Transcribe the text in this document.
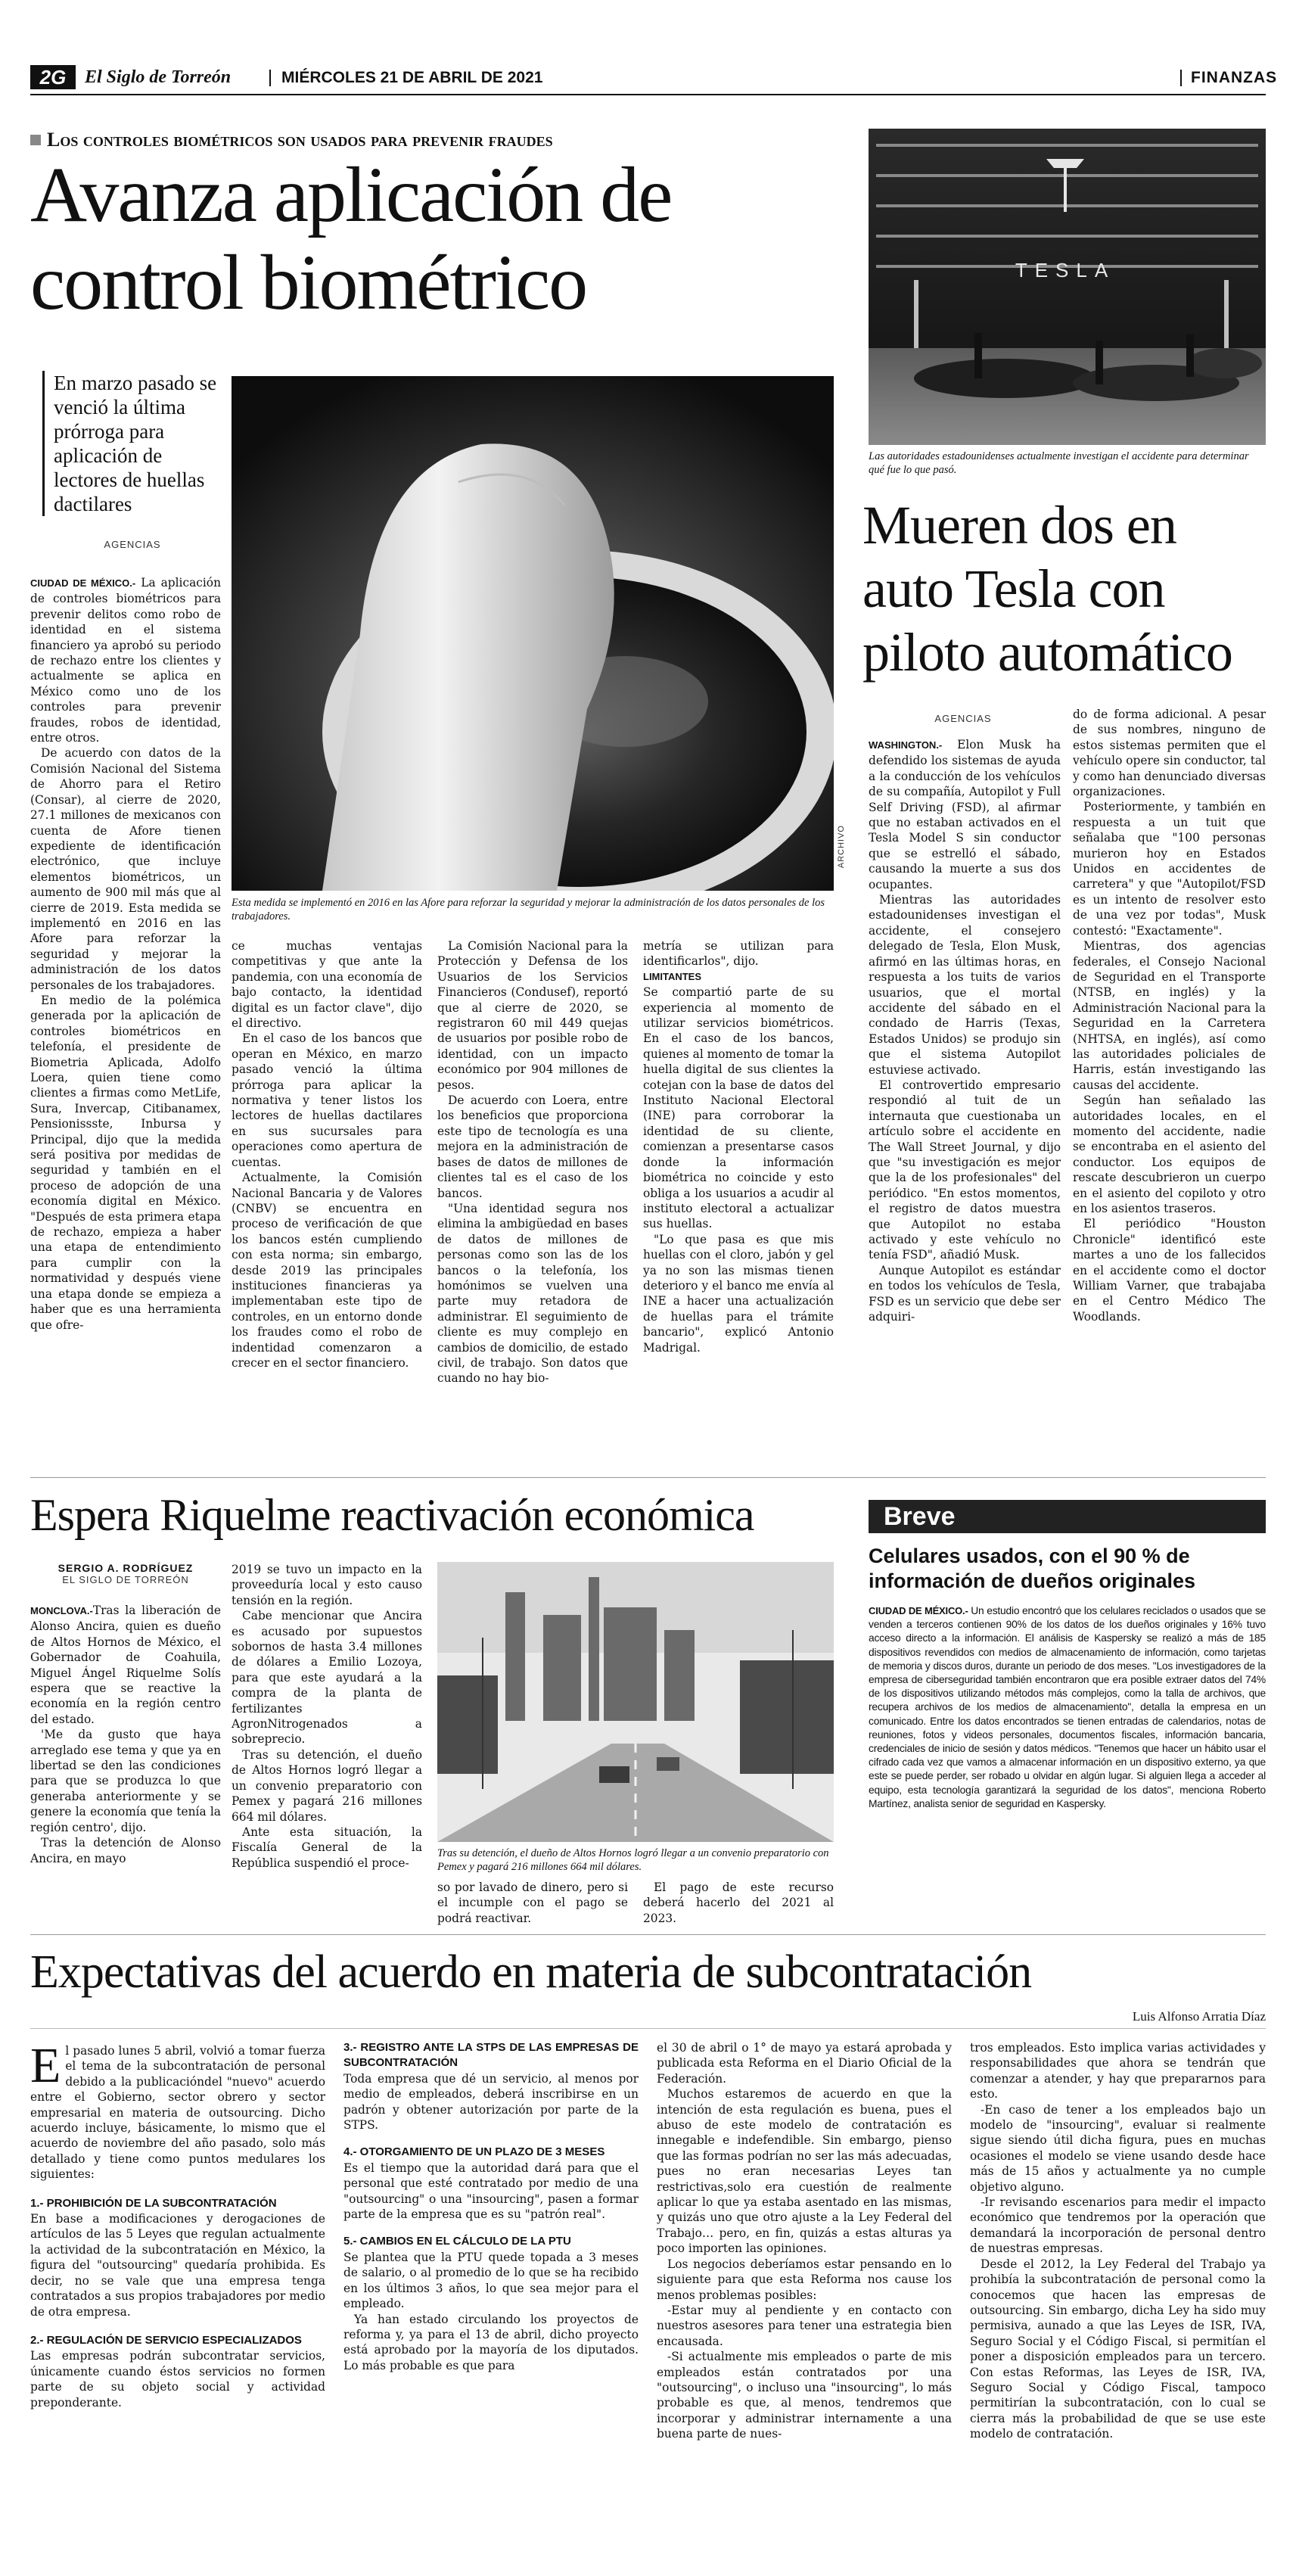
2G	El Siglo de Torreón	MIÉRCOLES 21 DE ABRIL DE 2021	FINANZAS
Los controles biométricos son usados para prevenir fraudes
Avanza aplicación de
control biométrico
En marzo pasado se venció la última prórroga para aplicación de lectores de huellas dactilares
AGENCIAS
ARCHIVO

Esta medida se implementó en 2016 en las Afore para reforzar la seguridad y mejorar la administración de los datos personales de los trabajadores.

CIUDAD DE MÉXICO.- La aplicación de controles biométricos para prevenir delitos como robo de identidad en el sistema financiero ya aprobó su periodo de rechazo entre los clientes y actualmente se aplica en México como uno de los controles para prevenir fraudes, robos de identidad, entre otros.

De acuerdo con datos de la Comisión Nacional del Sistema de Ahorro para el Retiro (Consar), al cierre de 2020, 27.1 millones de mexicanos con cuenta de Afore tienen expediente de identificación electrónico, que incluye elementos biométricos, un aumento de 900 mil más que al cierre de 2019. Esta medida se implementó en 2016 en las Afore para reforzar la seguridad y mejorar la administración de los datos personales de los trabajadores.

En medio de la polémica generada por la aplicación de controles biométricos en telefonía, el presidente de Biometria Aplicada, Adolfo Loera, quien tiene como clientes a firmas como MetLife, Sura, Invercap, Citibanamex, Pensionissste, Inbursa y Principal, dijo que la medida será positiva por medidas de seguridad y también en el proceso de adopción de una economía digital en México. "Después de esta primera etapa de rechazo, empieza a haber una etapa de entendimiento para cumplir con la normatividad y después viene una etapa donde se empieza a haber que es una herramienta que ofre-

ce muchas ventajas competitivas y que ante la pandemia, con una economía de bajo contacto, la identidad digital es un factor clave", dijo el directivo.

En el caso de los bancos que operan en México, en marzo pasado venció la última prórroga para aplicar la normativa y tener listos los lectores de huellas dactilares en sus sucursales para operaciones como apertura de cuentas.

Actualmente, la Comisión Nacional Bancaria y de Valores (CNBV) se encuentra en proceso de verificación de que los bancos estén cumpliendo con esta norma; sin embargo, desde 2019 las principales instituciones financieras ya implementaban este tipo de controles, en un entorno donde los fraudes como el robo de indentidad comenzaron a crecer en el sector financiero.

La Comisión Nacional para la Protección y Defensa de los Usuarios de los Servicios Financieros (Condusef), reportó que al cierre de 2020, se registraron 60 mil 449 quejas de usuarios por posible robo de identidad, con un impacto económico por 904 millones de pesos.

De acuerdo con Loera, entre los beneficios que proporciona este tipo de tecnología es una mejora en la administración de bases de datos de millones de clientes tal es el caso de los bancos.

"Una identidad segura nos elimina la ambigüedad en bases de datos de millones de personas como son las de los bancos o la telefonía, los homónimos se vuelven una parte muy retadora de administrar. El seguimiento de cliente es muy complejo en cambios de domicilio, de estado civil, de trabajo. Son datos que cuando no hay bio-

metría se utilizan para identificarlos", dijo.

LIMITANTES

Se compartió parte de su experiencia al momento de utilizar servicios biométricos. En el caso de los bancos, quienes al momento de tomar la huella digital de sus clientes la cotejan con la base de datos del Instituto Nacional Electoral (INE) para corroborar la identidad de su cliente, comienzan a presentarse casos donde la información biométrica no coincide y esto obliga a los usuarios a acudir al instituto electoral a actualizar sus huellas.

"Lo que pasa es que mis huellas con el cloro, jabón y gel ya no son las mismas tienen deterioro y el banco me envía al INE a hacer una actualización de huellas para el trámite bancario", explicó Antonio Madrigal.

TESLA

Las autoridades estadounidenses actualmente investigan el accidente para determinar qué fue lo que pasó.

Mueren dos en
auto Tesla con
piloto automático
AGENCIAS

WASHINGTON.- Elon Musk ha defendido los sistemas de ayuda a la conducción de los vehículos de su compañía, Autopilot y Full Self Driving (FSD), al afirmar que no estaban activados en el Tesla Model S sin conductor que se estrelló el sábado, causando la muerte a sus dos ocupantes.

Mientras las autoridades estadounidenses investigan el accidente, el consejero delegado de Tesla, Elon Musk, afirmó en las últimas horas, en respuesta a los tuits de varios usuarios, que el mortal accidente del sábado en el condado de Harris (Texas, Estados Unidos) se produjo sin que el sistema Autopilot estuviese activado.

El controvertido empresario respondió al tuit de un internauta que cuestionaba un artículo sobre el accidente en The Wall Street Journal, y dijo que "su investigación es mejor que la de los profesionales" del periódico. "En estos momentos, el registro de datos muestra que Autopilot no estaba activado y este vehículo no tenía FSD", añadió Musk.

Aunque Autopilot es estándar en todos los vehículos de Tesla, FSD es un servicio que debe ser adquiri-

do de forma adicional. A pesar de sus nombres, ninguno de estos sistemas permiten que el vehículo opere sin conductor, tal y como han denunciado diversas organizaciones.

Posteriormente, y también en respuesta a un tuit que señalaba que "100 personas murieron hoy en Estados Unidos en accidentes de carretera" y que "Autopilot/FSD es un intento de resolver esto de una vez por todas", Musk contestó: "Exactamente".

Mientras, dos agencias federales, el Consejo Nacional de Seguridad en el Transporte (NTSB, en inglés) y la Administración Nacional para la Seguridad en la Carretera (NHTSA, en inglés), así como las autoridades policiales de Harris, están investigando las causas del accidente.

Según han señalado las autoridades locales, en el momento del accidente, nadie se encontraba en el asiento del conductor. Los equipos de rescate descubrieron un cuerpo en el asiento del copiloto y otro en los asientos traseros.

El periódico "Houston Chronicle" identificó este martes a uno de los fallecidos en el accidente como el doctor William Varner, que trabajaba en el Centro Médico The Woodlands.

Espera Riquelme reactivación económica
SERGIO A. RODRÍGUEZ
EL SIGLO DE TORREÓN

MONCLOVA.-Tras la liberación de Alonso Ancira, quien es dueño de Altos Hornos de México, el Gobernador de Coahuila, Miguel Ángel Riquelme Solís espera que se reactive la economía en la región centro del estado.

'Me da gusto que haya arreglado ese tema y que ya en libertad se den las condiciones para que se produzca lo que generaba anteriormente y se genere la economía que tenía la región centro', dijo.

Tras la detención de Alonso Ancira, en mayo

2019 se tuvo un impacto en la proveeduría local y esto causo tensión en la región.

Cabe mencionar que Ancira es acusado por supuestos sobornos de hasta 3.4 millones de dólares a Emilio Lozoya, para que este ayudará a la compra de la planta de fertilizantes AgronNitrogenados a sobreprecio.

Tras su detención, el dueño de Altos Hornos logró llegar a un convenio preparatorio con Pemex y pagará 216 millones 664 mil dólares.

Ante esta situación, la Fiscalía General de la República suspendió el proce-

Tras su detención, el dueño de Altos Hornos logró llegar a un convenio preparatorio con Pemex y pagará 216 millones 664 mil dólares.

so por lavado de dinero, pero si el incumple con el pago se podrá reactivar.

El pago de este recurso deberá hacerlo del 2021 al 2023.

Breve
Celulares usados, con el 90 % de información de dueños originales
CIUDAD DE MÉXICO.- Un estudio encontró que los celulares reciclados o usados que se venden a terceros contienen 90% de los datos de los dueños originales y 16% tuvo acceso directo a la información. El análisis de Kaspersky se realizó a más de 185 dispositivos revendidos con medios de almacenamiento de información, como tarjetas de memoria y discos duros, durante un periodo de dos meses. "Los investigadores de la empresa de ciberseguridad también encontraron que era posible extraer datos del 74% de los dispositivos utilizando métodos más complejos, como la talla de archivos, que recupera archivos de los medios de almacenamiento", detalla la empresa en un comunicado. Entre los datos encontrados se tienen entradas de calendarios, notas de reuniones, fotos y videos personales, documentos fiscales, información bancaria, credenciales de inicio de sesión y datos médicos. "Tenemos que hacer un hábito usar el cifrado cada vez que vamos a almacenar información en un dispositivo externo, ya que este se puede perder, ser robado u olvidar en algún lugar. Si alguien llega a acceder al equipo, esta tecnología garantizará la seguridad de los datos", menciona Roberto Martínez, analista senior de seguridad en Kaspersky.
Expectativas del acuerdo en materia de subcontratación
Luis Alfonso Arratia Díaz

E l pasado lunes 5 abril, volvió a tomar fuerza el tema de la subcontratación de personal debido a la publicacióndel "nuevo" acuerdo entre el Gobierno, sector obrero y sector empresarial en materia de outsourcing. Dicho acuerdo incluye, básicamente, lo mismo que el acuerdo de noviembre del año pasado, solo más detallado y tiene como puntos medulares los siguientes:

1.- PROHIBICIÓN DE LA SUBCONTRATACIÓN

En base a modificaciones y derogaciones de artículos de las 5 Leyes que regulan actualmente la actividad de la subcontratación en México, la figura del "outsourcing" quedaría prohibida. Es decir, no se vale que una empresa tenga contratados a sus propios trabajadores por medio de otra empresa.

2.- REGULACIÓN DE SERVICIO ESPECIALIZADOS

Las empresas podrán subcontratar servicios, únicamente cuando éstos servicios no formen parte de su objeto social y actividad preponderante.

3.- REGISTRO ANTE LA STPS DE LAS EMPRESAS DE SUBCONTRATACIÓN

Toda empresa que dé un servicio, al menos por medio de empleados, deberá inscribirse en un padrón y obtener autorización por parte de la STPS.

4.- OTORGAMIENTO DE UN PLAZO DE 3 MESES

Es el tiempo que la autoridad dará para que el personal que esté contratado por medio de una "outsourcing" o una "insourcing", pasen a formar parte de la empresa que es su "patrón real".

5.- CAMBIOS EN EL CÁLCULO DE LA PTU

Se plantea que la PTU quede topada a 3 meses de salario, o al promedio de lo que se ha recibido en los últimos 3 años, lo que sea mejor para el empleado.

Ya han estado circulando los proyectos de reforma y, ya para el 13 de abril, dicho proyecto está aprobado por la mayoría de los diputados. Lo más probable es que para

el 30 de abril o 1° de mayo ya estará aprobada y publicada esta Reforma en el Diario Oficial de la Federación.

Muchos estaremos de acuerdo en que la intención de esta regulación es buena, pues el abuso de este modelo de contratación es innegable e indefendible. Sin embargo, pienso que las formas podrían no ser las más adecuadas, pues no eran necesarias Leyes tan restrictivas,solo era cuestión de realmente aplicar lo que ya estaba asentado en las mismas, y quizás uno que otro ajuste a la Ley Federal del Trabajo… pero, en fin, quizás a estas alturas ya poco importen las opiniones.

Los negocios deberíamos estar pensando en lo siguiente para que esta Reforma nos cause los menos problemas posibles:

-Estar muy al pendiente y en contacto con nuestros asesores para tener una estrategia bien encausada.

-Si actualmente mis empleados o parte de mis empleados están contratados por una "outsourcing", o incluso una "insourcing", lo más probable es que, al menos, tendremos que incorporar y administrar internamente a una buena parte de nues-

tros empleados. Esto implica varias actividades y responsabilidades que ahora se tendrán que comenzar a atender, y hay que prepararnos para esto.

-En caso de tener a los empleados bajo un modelo de "insourcing", evaluar si realmente sigue siendo útil dicha figura, pues en muchas ocasiones el modelo se viene usando desde hace más de 15 años y actualmente ya no cumple objetivo alguno.

-Ir revisando escenarios para medir el impacto económico que tendremos por la operación que demandará la incorporación de personal dentro de nuestras empresas.

Desde el 2012, la Ley Federal del Trabajo ya prohibía la subcontratación de personal como la conocemos que hacen las empresas de outsourcing. Sin embargo, dicha Ley ha sido muy permisiva, aunado a que las Leyes de ISR, IVA, Seguro Social y el Código Fiscal, si permitían el poner a disposición empleados para un tercero. Con estas Reformas, las Leyes de ISR, IVA, Seguro Social y Código Fiscal, tampoco permitirían la subcontratación, con lo cual se cierra más la probabilidad de que se use este modelo de contratación.
